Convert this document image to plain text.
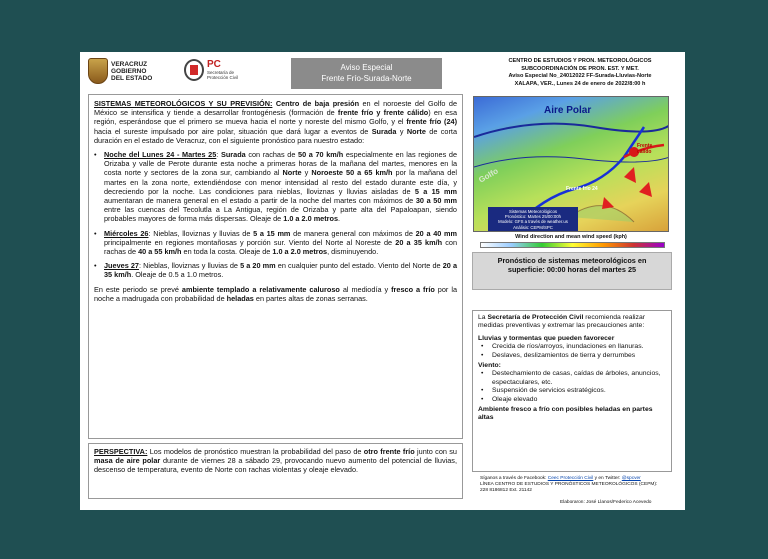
VERACRUZ
GOBIERNO
DEL ESTADO
PC
Secretaría de
Protección Civil
Aviso Especial
Frente Frío-Surada-Norte
CENTRO DE ESTUDIOS Y PRON. METEOROLÓGICOS
SUBCOORDINACIÓN DE PRON. EST. Y MET.
Aviso Especial No_24012022 FF-Surada-Lluvias-Norte
XALAPA, VER., Lunes 24 de enero de 2022/8:00 h

SISTEMAS METEOROLÓGICOS Y SU PREVISIÓN: Centro de baja presión en el noroeste del Golfo de México se intensifica y tiende a desarrollar frontogénesis (formación de frente frío y frente cálido) en esa región, esperándose que el primero se mueva hacia el norte y noreste del mismo Golfo, y el frente frío (24) hacia el sureste impulsado por aire polar, situación que dará lugar a eventos de Surada y Norte de corta duración en el estado de Veracruz, con el siguiente pronóstico para nuestro estado:

• Noche del Lunes 24 - Martes 25: Surada con rachas de 50 a 70 km/h especialmente en las regiones de Orizaba y valle de Perote durante esta noche a primeras horas de la mañana del martes, menores en la costa norte y sectores de la zona sur, cambiando al Norte y Noroeste 50 a 65 km/h por la mañana del martes en la zona norte, extendiéndose con menor intensidad al resto del estado durante este día, y decreciendo por la noche. Las condiciones para nieblas, lloviznas y lluvias aisladas de 5 a 15 mm aumentaran de manera general en el estado a partir de la noche del martes con máximos de 30 a 50 mm entre las cuencas del Tecolutla a La Antigua, región de Orizaba y parte alta del Papaloapan, siendo probables mayores de forma más dispersas. Oleaje de 1.0 a 2.0 metros.
• Miércoles 26: Nieblas, lloviznas y lluvias de 5 a 15 mm de manera general con máximos de 20 a 40 mm principalmente en regiones montañosas y porción sur. Viento del Norte al Noreste de 20 a 35 km/h con rachas de 40 a 55 km/h en toda la costa. Oleaje de 1.0 a 2.0 metros, disminuyendo.
• Jueves 27: Nieblas, lloviznas y lluvias de 5 a 20 mm en cualquier punto del estado. Viento del Norte de 20 a 35 km/h. Oleaje de 0.5 a 1.0 metros.

En este periodo se prevé ambiente templado a relativamente caluroso al mediodía y fresco a frío por la noche a madrugada con probabilidad de heladas en partes altas de zonas serranas.

PERSPECTIVA: Los modelos de pronóstico muestran la probabilidad del paso de otro frente frío junto con su masa de aire polar durante de viernes 28 a sábado 29, provocando nuevo aumento del potencial de lluvias, descenso de temperatura, evento de Norte con rachas violentas y oleaje elevado.
Aire Polar
Golfo
Frente cálido
Frente frío 24
Sistemas Meteorológicos
Pronóstico: Martes 25/00:00h
Modelo: GFS a través de weather.us
Análisis: CEPM/SPC
Wind direction and mean wind speed (kph)
Pronóstico de sistemas meteorológicos en
superficie: 00:00 horas del martes 25

La Secretaría de Protección Civil recomienda realizar medidas preventivas y extremar las precauciones ante:

Lluvias y tormentas que pueden favorecer
• Crecida de ríos/arroyos, inundaciones en llanuras.
• Deslaves, deslizamientos de tierra y derrumbes
Viento:
• Destechamiento de casas, caídas de árboles, anuncios, espectaculares, etc.
• Suspensión de servicios estratégicos.
• Oleaje elevado
Ambiente fresco a frío con posibles heladas en partes altas
Síganos a través de Facebook: Ceec Protección Civil y en Twitter: @spcver
LÍNEA CENTRO DE ESTUDIOS Y PRONÓSTICOS METEOROLÓGICOS (CEPM):
228 8186812 Ext. 21142
Elaboraron: José Llanos/Federico Acevedo
